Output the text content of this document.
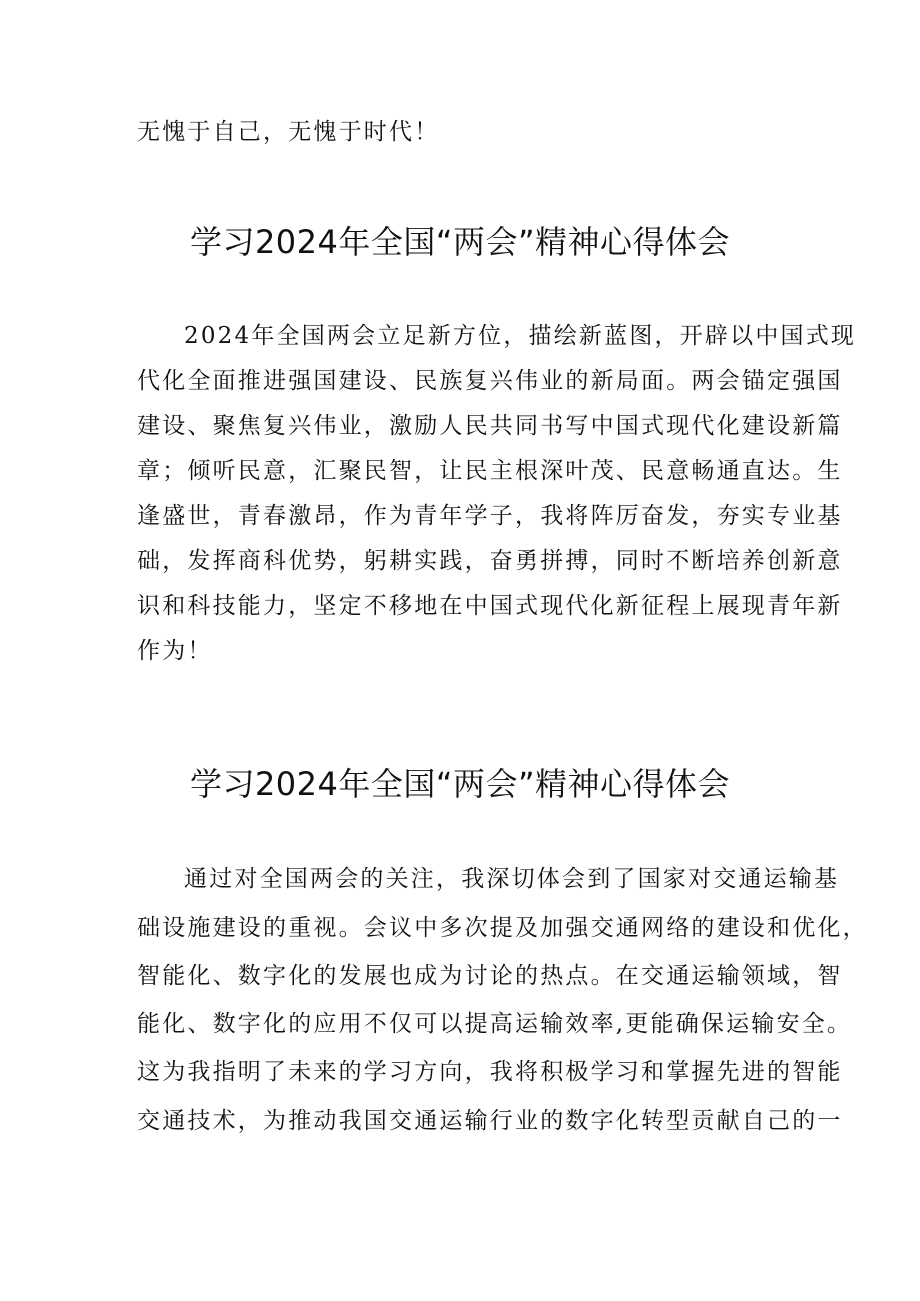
无愧于自己，无愧于时代！
学习2024年全国“两会”精神心得体会
2024年全国两会立足新方位，描绘新蓝图，开辟以中国式现
代化全面推进强国建设、民族复兴伟业的新局面。两会锚定强国
建设、聚焦复兴伟业，激励人民共同书写中国式现代化建设新篇
章；倾听民意，汇聚民智，让民主根深叶茂、民意畅通直达。生
逢盛世，青春激昂，作为青年学子，我将阵厉奋发，夯实专业基
础，发挥商科优势，躬耕实践，奋勇拼搏，同时不断培养创新意
识和科技能力，坚定不移地在中国式现代化新征程上展现青年新
作为！
学习2024年全国“两会”精神心得体会
通过对全国两会的关注，我深切体会到了国家对交通运输基
础设施建设的重视。会议中多次提及加强交通网络的建设和优化，
智能化、数字化的发展也成为讨论的热点。在交通运输领域，智
能化、数字化的应用不仅可以提高运输效率,更能确保运输安全。
这为我指明了未来的学习方向，我将积极学习和掌握先进的智能
交通技术，为推动我国交通运输行业的数字化转型贡献自己的一
